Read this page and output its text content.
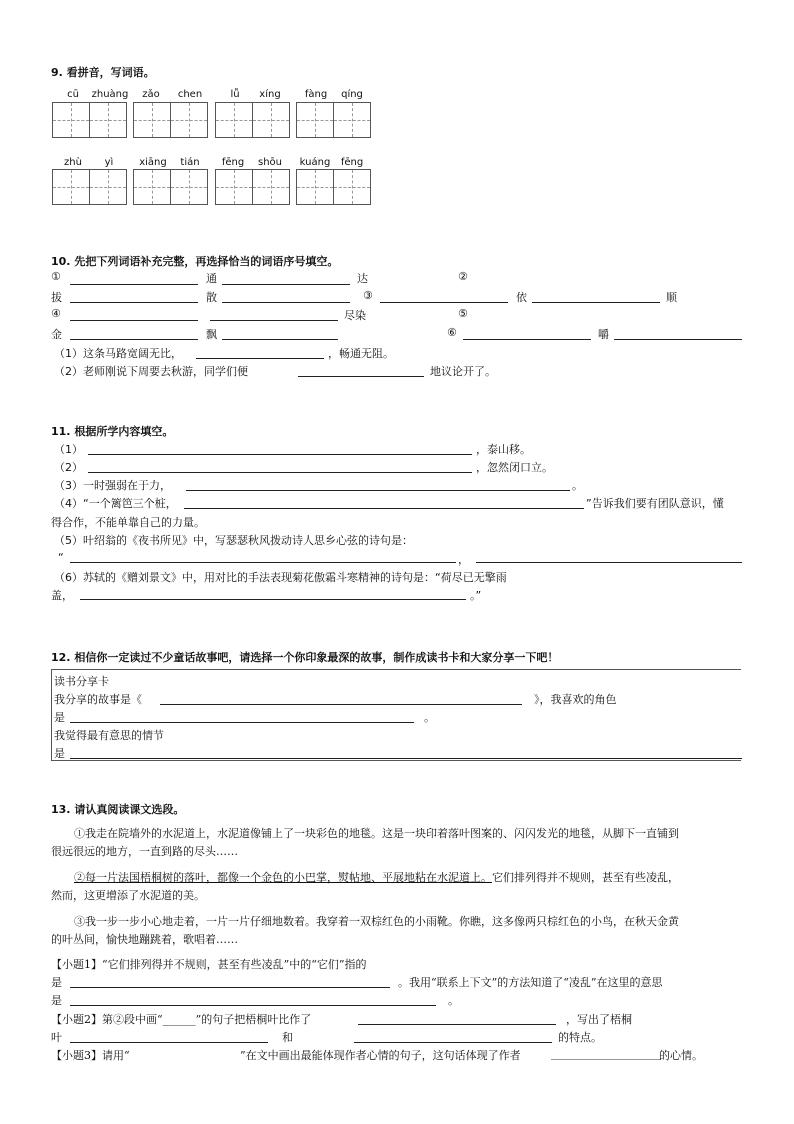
9. 看拼音，写词语。
cū	zhuàng	zǎo	chen	lǚ	xíng	fàng	qíng
zhù	yì	xiāng	tián	fēng	shōu	kuáng	fēng
10. 先把下列词语补充完整，再选择恰当的词语序号填空。
①	通	达	②
拔	散	③	依	顺
④	尽染	⑤
金	飘	⑥	嚼
（1）这条马路宽阔无比，	，畅通无阻。
（2）老师刚说下周要去秋游，同学们便	地议论开了。
11. 根据所学内容填空。
（1）	，泰山移。
（2）	，忽然闭口立。
（3）一时强弱在于力，	。
（4）“一个篱笆三个桩，	”告诉我们要有团队意识，懂
得合作，不能单靠自己的力量。
（5）叶绍翁的《夜书所见》中，写瑟瑟秋风拨动诗人思乡心弦的诗句是：
“	，
（6）苏轼的《赠刘景文》中，用对比的手法表现菊花傲霜斗寒精神的诗句是：“荷尽已无擎雨
盖，	。”
12. 相信你一定读过不少童话故事吧，请选择一个你印象最深的故事，制作成读书卡和大家分享一下吧！
读书分享卡
我分享的故事是《	》，我喜欢的角色
是	。
我觉得最有意思的情节
是
13. 请认真阅读课文选段。
①我走在院墙外的水泥道上，水泥道像铺上了一块彩色的地毯。这是一块印着落叶图案的、闪闪发光的地毯，从脚下一直铺到
很远很远的地方，一直到路的尽头……
②每一片法国梧桐树的落叶，都像一个金色的小巴掌，熨帖地、平展地粘在水泥道上。它们排列得并不规则，甚至有些凌乱，
然而，这更增添了水泥道的美。
③我一步一步小心地走着，一片一片仔细地数着。我穿着一双棕红色的小雨靴。你瞧，这多像两只棕红色的小鸟，在秋天金黄
的叶丛间，愉快地蹦跳着，歌唱着……
【小题1】“它们排列得并不规则，甚至有些凌乱”中的“它们”指的
是	。我用“联系上下文”的方法知道了“凌乱”在这里的意思
是	。
【小题2】第②段中画“______”的句子把梧桐叶比作了	，写出了梧桐
叶	和	的特点。
【小题3】请用“	”在文中画出最能体现作者心情的句子，这句话体现了作者	____________________
的心情。
